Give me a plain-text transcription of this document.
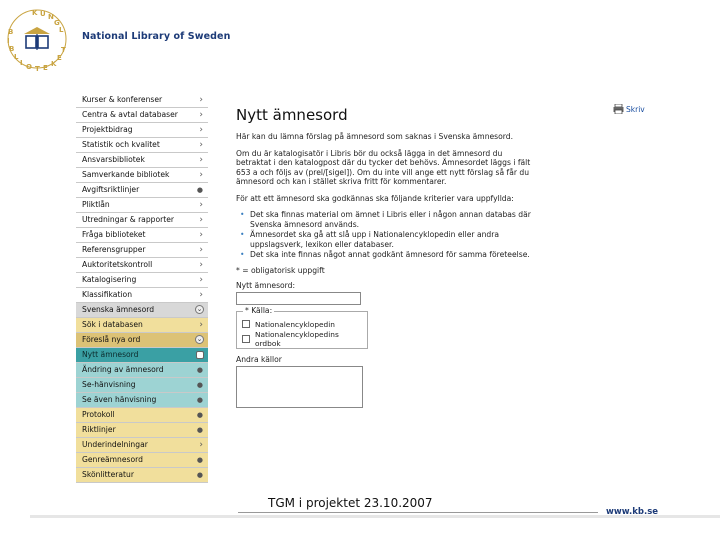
K U NGL B IBLI O T E KET
National Library of Sweden
Skriv
Kurser & konferenser	›
Centra & avtal databaser ›
Projektbidrag	›
Statistik och kvalitet	›
Ansvarsbibliotek	›
Samverkande bibliotek	›
Avgiftsriktlinjer	●
Pliktlån	›
Utredningar & rapporter	›
Fråga biblioteket	›
Referensgrupper	›
Auktoritetskontroll	›
Katalogisering	›
Klassifikation	›
Svenska ämnesord	⌄
Sök i databasen	›
Föreslå nya ord	⌄
Nytt ämnesord
Ändring av ämnesord	●
Se-hänvisning	●
Se även hänvisning	●
Protokoll	●
Riktlinjer	●
Underindelningar	›
Genreämnesord	●
Skönlitteratur	●
Nytt ämnesord

Här kan du lämna förslag på ämnesord som saknas i Svenska ämnesord.

Om du är katalogisatör i Libris bör du också lägga in det ämnesord du betraktat i den katalogpost där du tycker det behövs. Ämnesordet läggs i fält 653 a och följs av (prel/[sigel]). Om du inte vill ange ett nytt förslag så får du ämnesord och kan i stället skriva fritt för kommentarer.

För att ett ämnesord ska godkännas ska följande kriterier vara uppfyllda:

• Det ska finnas material om ämnet i Libris eller i någon annan databas där Svenska ämnesord används.
• Ämnesordet ska gå att slå upp i Nationalencyklopedin eller andra uppslagsverk, lexikon eller databaser.
• Det ska inte finnas något annat godkänt ämnesord för samma företeelse.
* = obligatorisk uppgift
Nytt ämnesord:
* Källa:
Nationalencyklopedin
Nationalencyklopedins ordbok
Andra källor
TGM i projektet 23.10.2007
www.kb.se
